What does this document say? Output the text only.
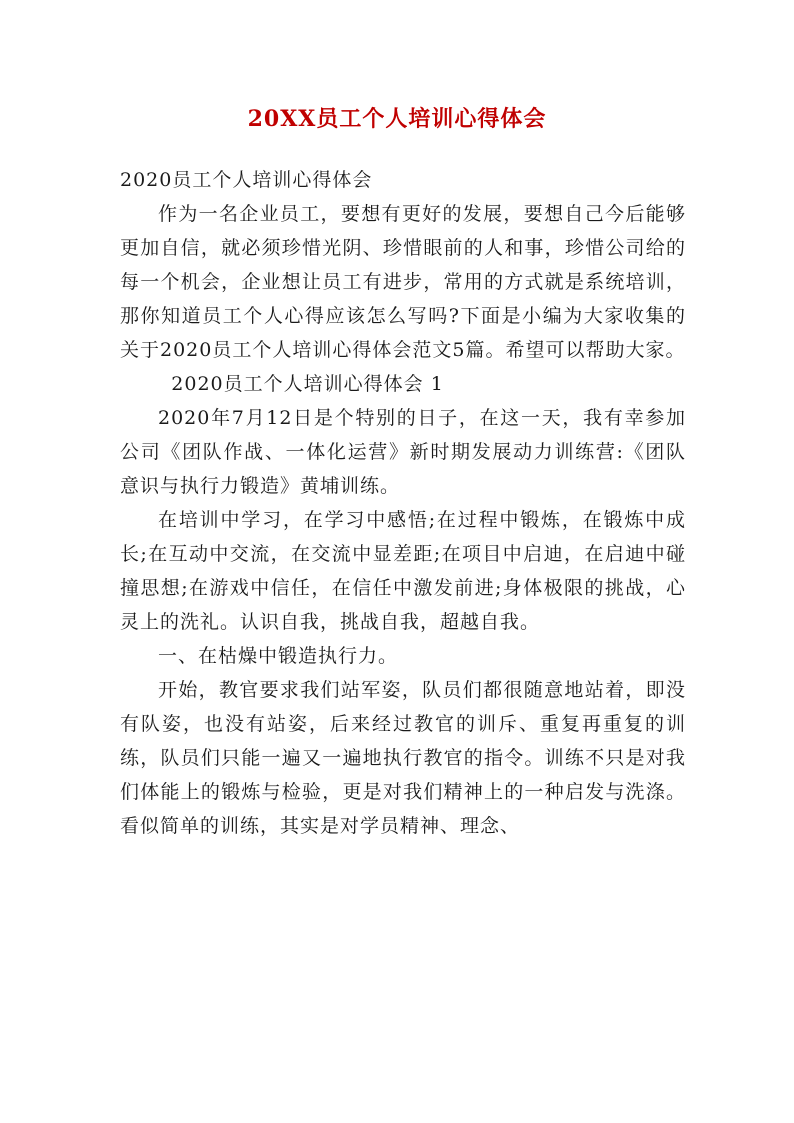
20XX员工个人培训心得体会

2020员工个人培训心得体会

作为一名企业员工，要想有更好的发展，要想自己今后能够更加自信，就必须珍惜光阴、珍惜眼前的人和事，珍惜公司给的每一个机会，企业想让员工有进步，常用的方式就是系统培训，那你知道员工个人心得应该怎么写吗?下面是小编为大家收集的关于2020员工个人培训心得体会范文5篇。希望可以帮助大家。

2020员工个人培训心得体会 1

2020年7月12日是个特别的日子，在这一天，我有幸参加公司《团队作战、一体化运营》新时期发展动力训练营:《团队意识与执行力锻造》黄埔训练。

在培训中学习，在学习中感悟;在过程中锻炼，在锻炼中成长;在互动中交流，在交流中显差距;在项目中启迪，在启迪中碰撞思想;在游戏中信任，在信任中激发前进;身体极限的挑战，心灵上的洗礼。认识自我，挑战自我，超越自我。

一、在枯燥中锻造执行力。

开始，教官要求我们站军姿，队员们都很随意地站着，即没有队姿，也没有站姿，后来经过教官的训斥、重复再重复的训练，队员们只能一遍又一遍地执行教官的指令。训练不只是对我们体能上的锻炼与检验，更是对我们精神上的一种启发与洗涤。看似简单的训练，其实是对学员精神、理念、
